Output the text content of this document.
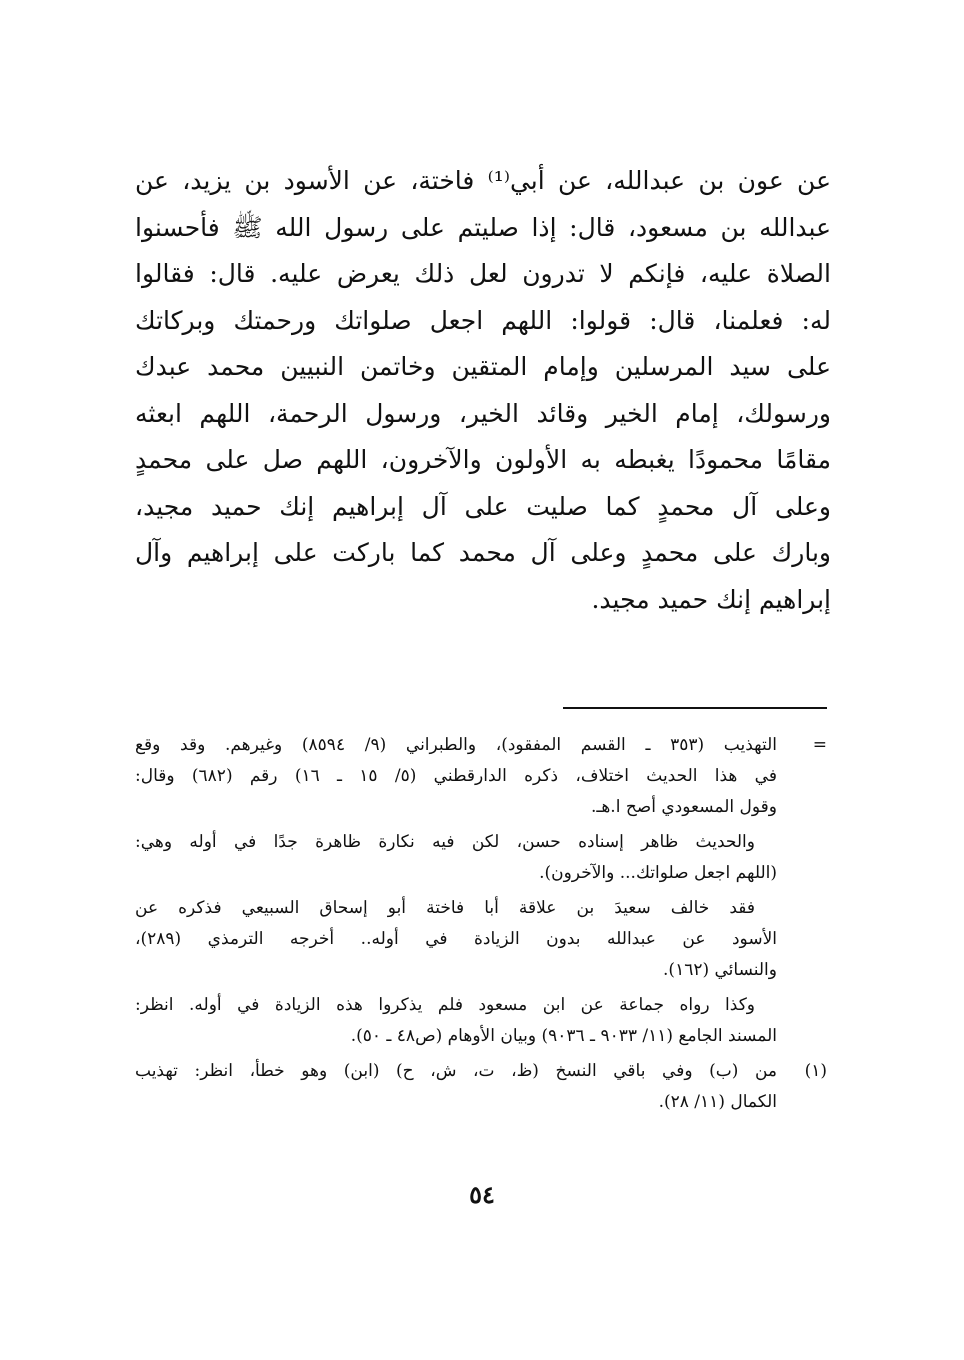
عن عون بن عبدالله، عن أبي⁽¹⁾ فاختة، عن الأسود بن يزيد، عن
عبدالله بن مسعود، قال: إذا صليتم على رسول الله ﷺ فأحسنوا
الصلاة عليه، فإنكم لا تدرون لعل ذلك يعرض عليه. قال: فقالوا
له: فعلمنا، قال: قولوا: اللهم اجعل صلواتك ورحمتك وبركاتك
على سيد المرسلين وإمام المتقين وخاتمن النبيين محمد عبدك
ورسولك، إمام الخير وقائد الخير، ورسول الرحمة، اللهم ابعثه
مقامًا محمودًا يغبطه به الأولون والآخرون، اللهم صل على محمدٍ
وعلى آل محمدٍ كما صليت على آل إبراهيم إنك حميد مجيد،
وبارك على محمدٍ وعلى آل محمد كما باركت على إبراهيم وآل
إبراهيم إنك حميد مجيد.
=
التهذيب (٣٥٣ ـ القسم المفقود)، والطبراني (٩/ ٨٥٩٤) وغيرهم. وقد وقع
في هذا الحديث اختلاف، ذكره الدارقطني (٥/ ١٥ ـ ١٦) رقم (٦٨٢) وقال:
وقول المسعودي أصح ا.هـ.
والحديث ظاهر إسناده حسن، لكن فيه نكارة ظاهرة جدًا في أوله وهي:
(اللهم اجعل صلواتك... والآخرون).
فقد خالف سعيدَ بن علاقة أبا فاختة أبو إسحاق السبيعي فذكره عن
الأسود عن عبدالله بدون الزيادة في أوله.. أخرجه الترمذي (٢٨٩)،
والنسائي (١٦٢).
وكذا رواه جماعة عن ابن مسعود فلم يذكروا هذه الزيادة في أوله. انظر:
المسند الجامع (١١/ ٩٠٣٣ ـ ٩٠٣٦) وبيان الأوهام (ص٤٨ ـ ٥٠).
(١)
من (ب) وفي باقي النسخ (ظ، ت، ش، ح) (ابن) وهو خطأ، انظر: تهذيب
الكمال (١١/ ٢٨).
٥٤
